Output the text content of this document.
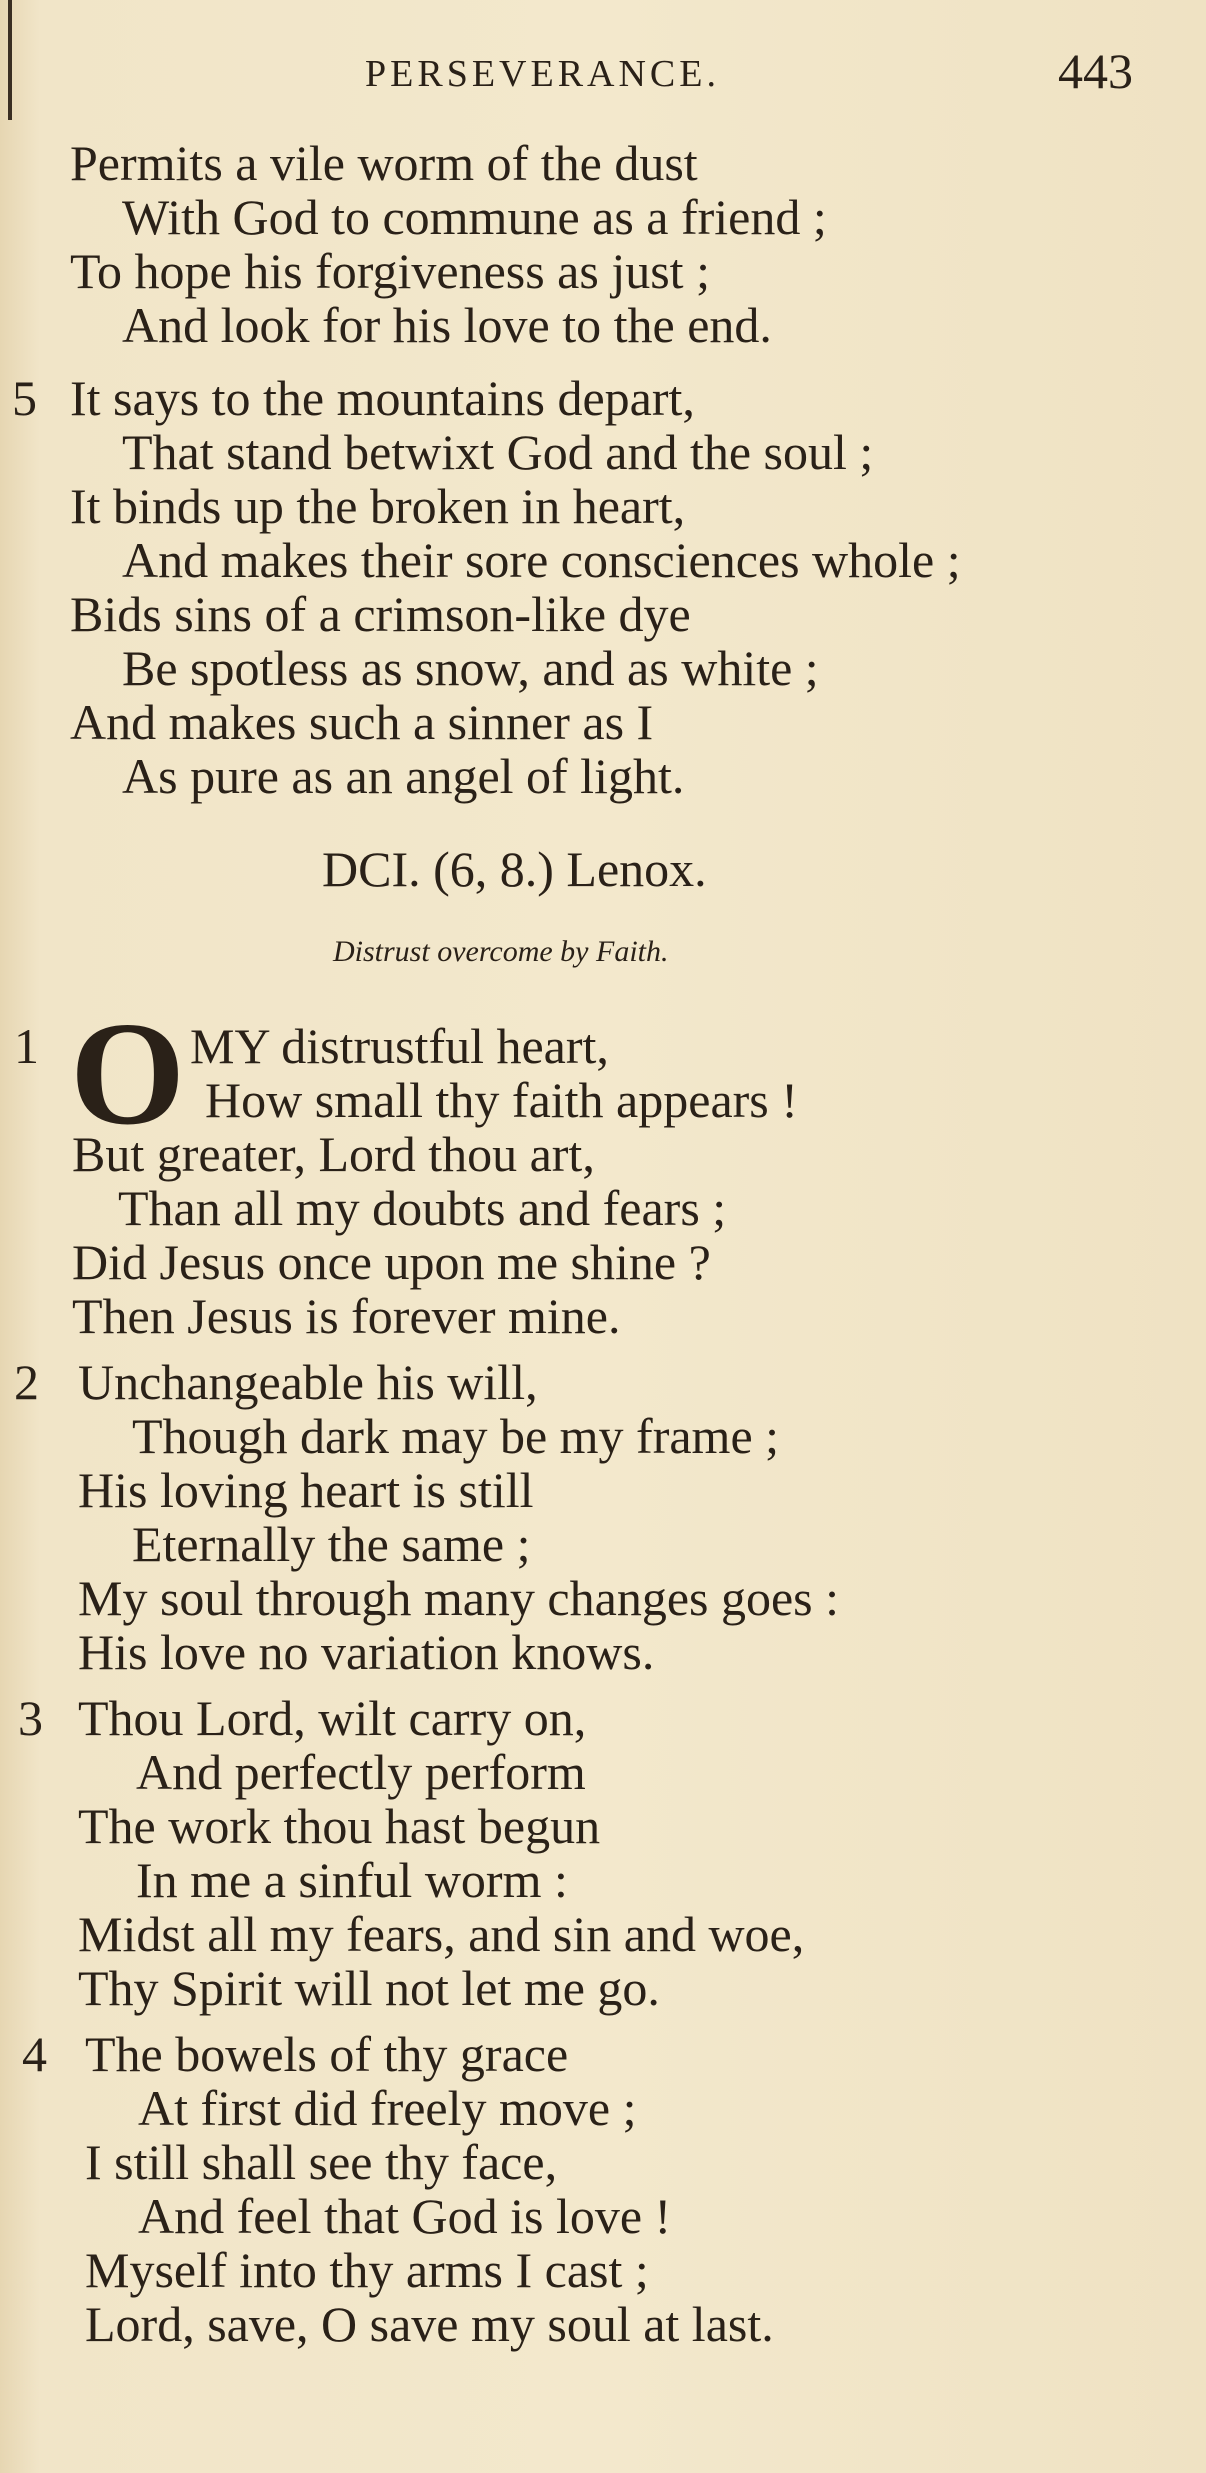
PERSEVERANCE.	443
Permits a vile worm of the dust
With God to commune as a friend ;
To hope his forgiveness as just ;
And look for his love to the end.
5 It says to the mountains depart,
That stand betwixt God and the soul ;
It binds up the broken in heart,
And makes their sore consciences whole ;
Bids sins of a crimson-like dye
Be spotless as snow, and as white ;
And makes such a sinner as I
As pure as an angel of light.
DCI. (6, 8.) Lenox.
Distrust overcome by Faith.
1 O MY distrustful heart,
How small thy faith appears !
But greater, Lord thou art,
Than all my doubts and fears ;
Did Jesus once upon me shine ?
Then Jesus is forever mine.
2 Unchangeable his will,
Though dark may be my frame ;
His loving heart is still
Eternally the same ;
My soul through many changes goes :
His love no variation knows.
3 Thou Lord, wilt carry on,
And perfectly perform
The work thou hast begun
In me a sinful worm :
Midst all my fears, and sin and woe,
Thy Spirit will not let me go.
4 The bowels of thy grace
At first did freely move ;
I still shall see thy face,
And feel that God is love !
Myself into thy arms I cast ;
Lord, save, O save my soul at last.
